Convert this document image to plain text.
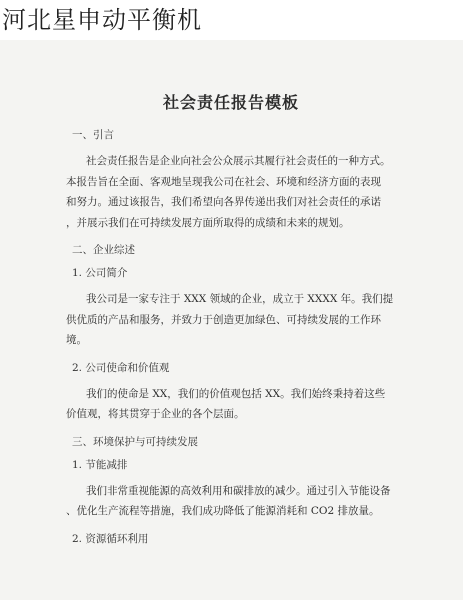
河北星申动平衡机
社会责任报告模板
一、引言
社会责任报告是企业向社会公众展示其履行社会责任的一种方式。
本报告旨在全面、客观地呈现我公司在社会、环境和经济方面的表现
和努力。通过该报告，我们希望向各界传递出我们对社会责任的承诺
，并展示我们在可持续发展方面所取得的成绩和未来的规划。
二、企业综述
1. 公司简介
我公司是一家专注于 XXX 领域的企业，成立于 XXXX 年。我们提
供优质的产品和服务，并致力于创造更加绿色、可持续发展的工作环
境。
2. 公司使命和价值观
我们的使命是 XX，我们的价值观包括 XX。我们始终秉持着这些
价值观，将其贯穿于企业的各个层面。
三、环境保护与可持续发展
1. 节能减排
我们非常重视能源的高效利用和碳排放的减少。通过引入节能设备
、优化生产流程等措施，我们成功降低了能源消耗和 CO2 排放量。
2. 资源循环利用
